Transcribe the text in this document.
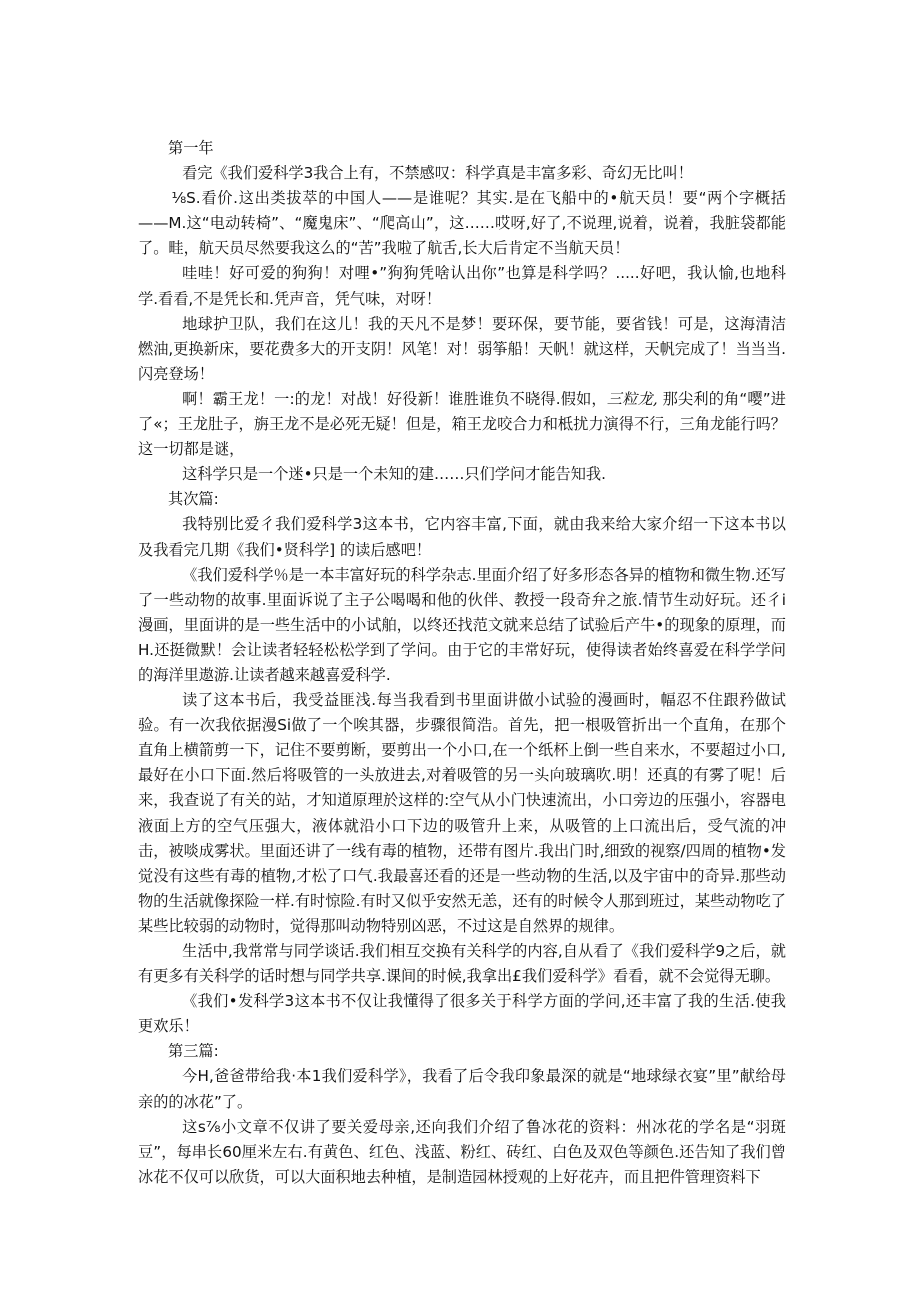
第一年

看完《我们爱科学3我合上有，不禁感叹：科学真是丰富多彩、奇幻无比叫！

⅛S.看价.这出类拔萃的中国人——是谁呢？其实.是在飞船中的•航天员！要“两个字概括——M.这“电动转椅”、“魔鬼床”、“爬高山”，这……哎呀,好了,不说理,说着，说着，我脏袋都能了。畦，航天员尽然要我这么的“苦”我啦了航舌,长大后肯定不当航天员！

哇哇！好可爱的狗狗！对哩•”狗狗凭啥认出你”也算是科学吗？.....好吧，我认愉,也地科学.看看,不是凭长和.凭声音，凭气味，对呀！

地球护卫队，我们在这儿！我的天凡不是梦！要环保，要节能，要省钱！可是，这海清洁燃油,更换新床，要花费多大的开支阴！风笔！对！弱筝船！天帆！就这样，天帆完成了！当当当.闪亮登场！

啊！霸王龙！一:的龙！对战！好役新！谁胜谁负不晓得.假如，三粒龙, 那尖利的角“嘤”进了«；王龙肚子，旃王龙不是必死无疑！但是，箱王龙咬合力和柢扰力演得不行，三角龙能行吗？这一切都是谜，

这科学只是一个迷•只是一个未知的建……只们学问才能告知我.

其次篇:

我特别比爱彳我们爱科学3这本书，它内容丰富,下面，就由我来给大家介绍一下这本书以及我看完几期《我们•贤科学] 的读后感吧！

《我们爱科学％是一本丰富好玩的科学杂志.里面介绍了好多形态各异的植物和微生物.还写了一些动物的故事.里面诉说了主子公喝喝和他的伙伴、教授一段奇弁之旅.情节生动好玩。还彳i漫画，里面讲的是一些生活中的小试舶，以终还找范文就来总结了试验后产牛•的现象的原理，而H.还挺微默！会让读者轻轻松松学到了学问。由于它的丰常好玩，使得读者始终喜爱在科学学问的海洋里遨游.让读者越来越喜爱科学.

读了这本书后，我受益匪浅.每当我看到书里面讲做小试验的漫画时，幅忍不住跟矜做试验。有一次我依据漫Si做了一个唉其器，步骤很简浩。首先，把一根吸管折出一个直角，在那个直角上横箭剪一下，记住不要剪断，要剪出一个小口,在一个纸杯上倒一些自来水，不要超过小口,最好在小口下面.然后将吸管的一头放进去,对着吸管的另一头向玻璃吹.明！还真的有雾了呢！后来，我查说了有关的站，才知道原理於这样的:空气从小门快速流出，小口旁边的压强小，容器电液面上方的空气压强大，液体就沿小口下边的吸管升上来，从吸管的上口流出后，受气流的冲击，被啖成雾状。里面还讲了一线有毒的植物，还带有图片.我出门时,细致的视察/四周的植物•发觉没有这些有毒的植物,才松了口气.我最喜还看的还是一些动物的生活,以及宇宙中的奇异.那些动物的生活就像探险一样.有时惊险.有时又似乎安然无恙，还有的时候令人那到班过，某些动物吃了某些比较弱的动物时，觉得那叫动物特别凶恶，不过这是自然界的规律。

生活中,我常常与同学谈话.我们相互交换有关科学的内容,自从看了《我们爱科学9之后，就有更多有关科学的话时想与同学共享.课间的时候,我拿出£我们爱科学》看看，就不会觉得无聊。

《我们•发科学3这本书不仅让我懂得了很多关于科学方面的学问,还丰富了我的生活.使我更欢乐！

第三篇:

今H,爸爸带给我·本1我们爱科学》，我看了后令我印象最深的就是“地球绿衣宴”里”献给母亲的的冰花”了。

这s⅞小文章不仅讲了要关爱母亲,还向我们介绍了鲁冰花的资料：州冰花的学名是“羽斑豆”，每串长60厘米左右.有黄色、红色、浅蓝、粉红、砖红、白色及双色等颜色.还告知了我们曾冰花不仅可以欣货，可以大面积地去种植，是制造园林授观的上好花卉，而且把件管理资料下
